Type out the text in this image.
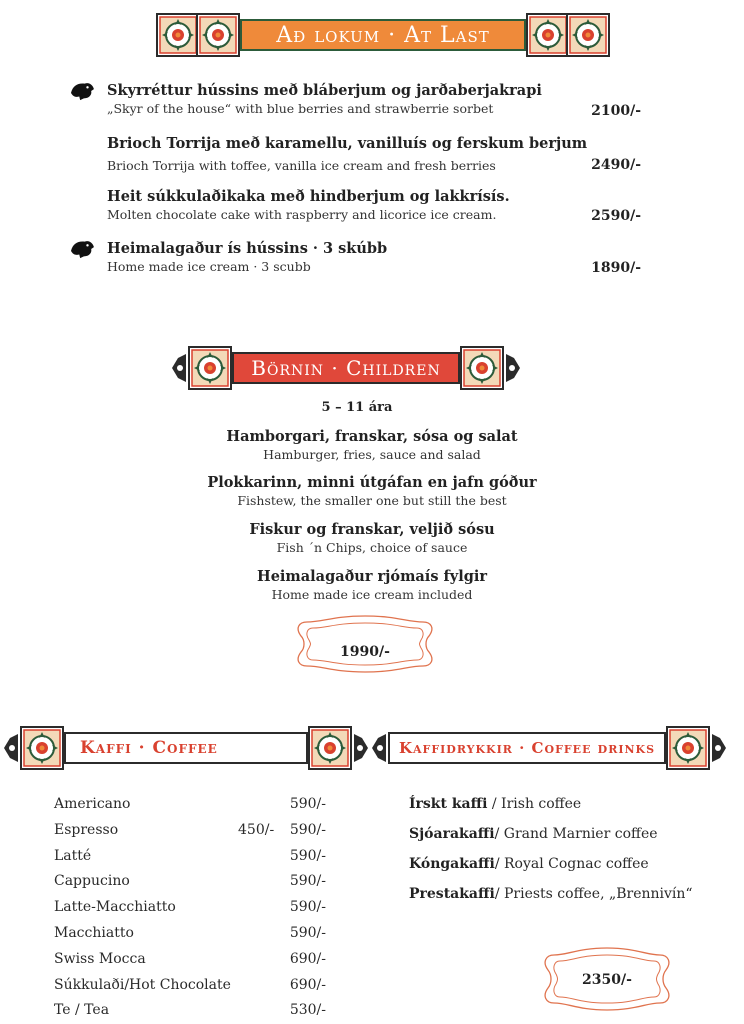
Að lokum · At Last
Skyrréttur hússins með bláberjum og jarðaberjakrapi
„Skyr of the house“ with blue berries and strawberrie sorbet	2100/-
Brioch Torrija með karamellu, vanilluís og ferskum berjum
Brioch Torrija with toffee, vanilla ice cream and fresh berries	2490/-
Heit súkkulaðikaka með hindberjum og lakkrísís.
Molten chocolate cake with raspberry and licorice ice cream.	2590/-
Heimalagaður ís hússins · 3 skúbb
Home made ice cream · 3 scubb	1890/-
Börnin · Children
5 – 11 ára
Hamborgari, franskar, sósa og salat
Hamburger, fries, sauce and salad
Plokkarinn, minni útgáfan en jafn góður
Fishstew, the smaller one but still the best
Fiskur og franskar, veljið sósu
Fish ´n Chips, choice of sauce
Heimalagaður rjómaís fylgir
Home made ice cream included
1990/-
Kaffi · Coffee	Kaffidrykkir · Coffee drinks
Americano	590/-
Espresso	450/- 590/-
Latté	590/-
Cappucino	590/-
Latte-Macchiatto	590/-
Macchiatto	590/-
Swiss Mocca	690/-
Súkkulaði/Hot Chocolate	690/-
Te / Tea	530/-
Írskt kaffi / Irish coffee
Sjóarakaffi/ Grand Marnier coffee
Kóngakaffi/ Royal Cognac coffee
Prestakaffi/ Priests coffee, „Brennivín“
2350/-
